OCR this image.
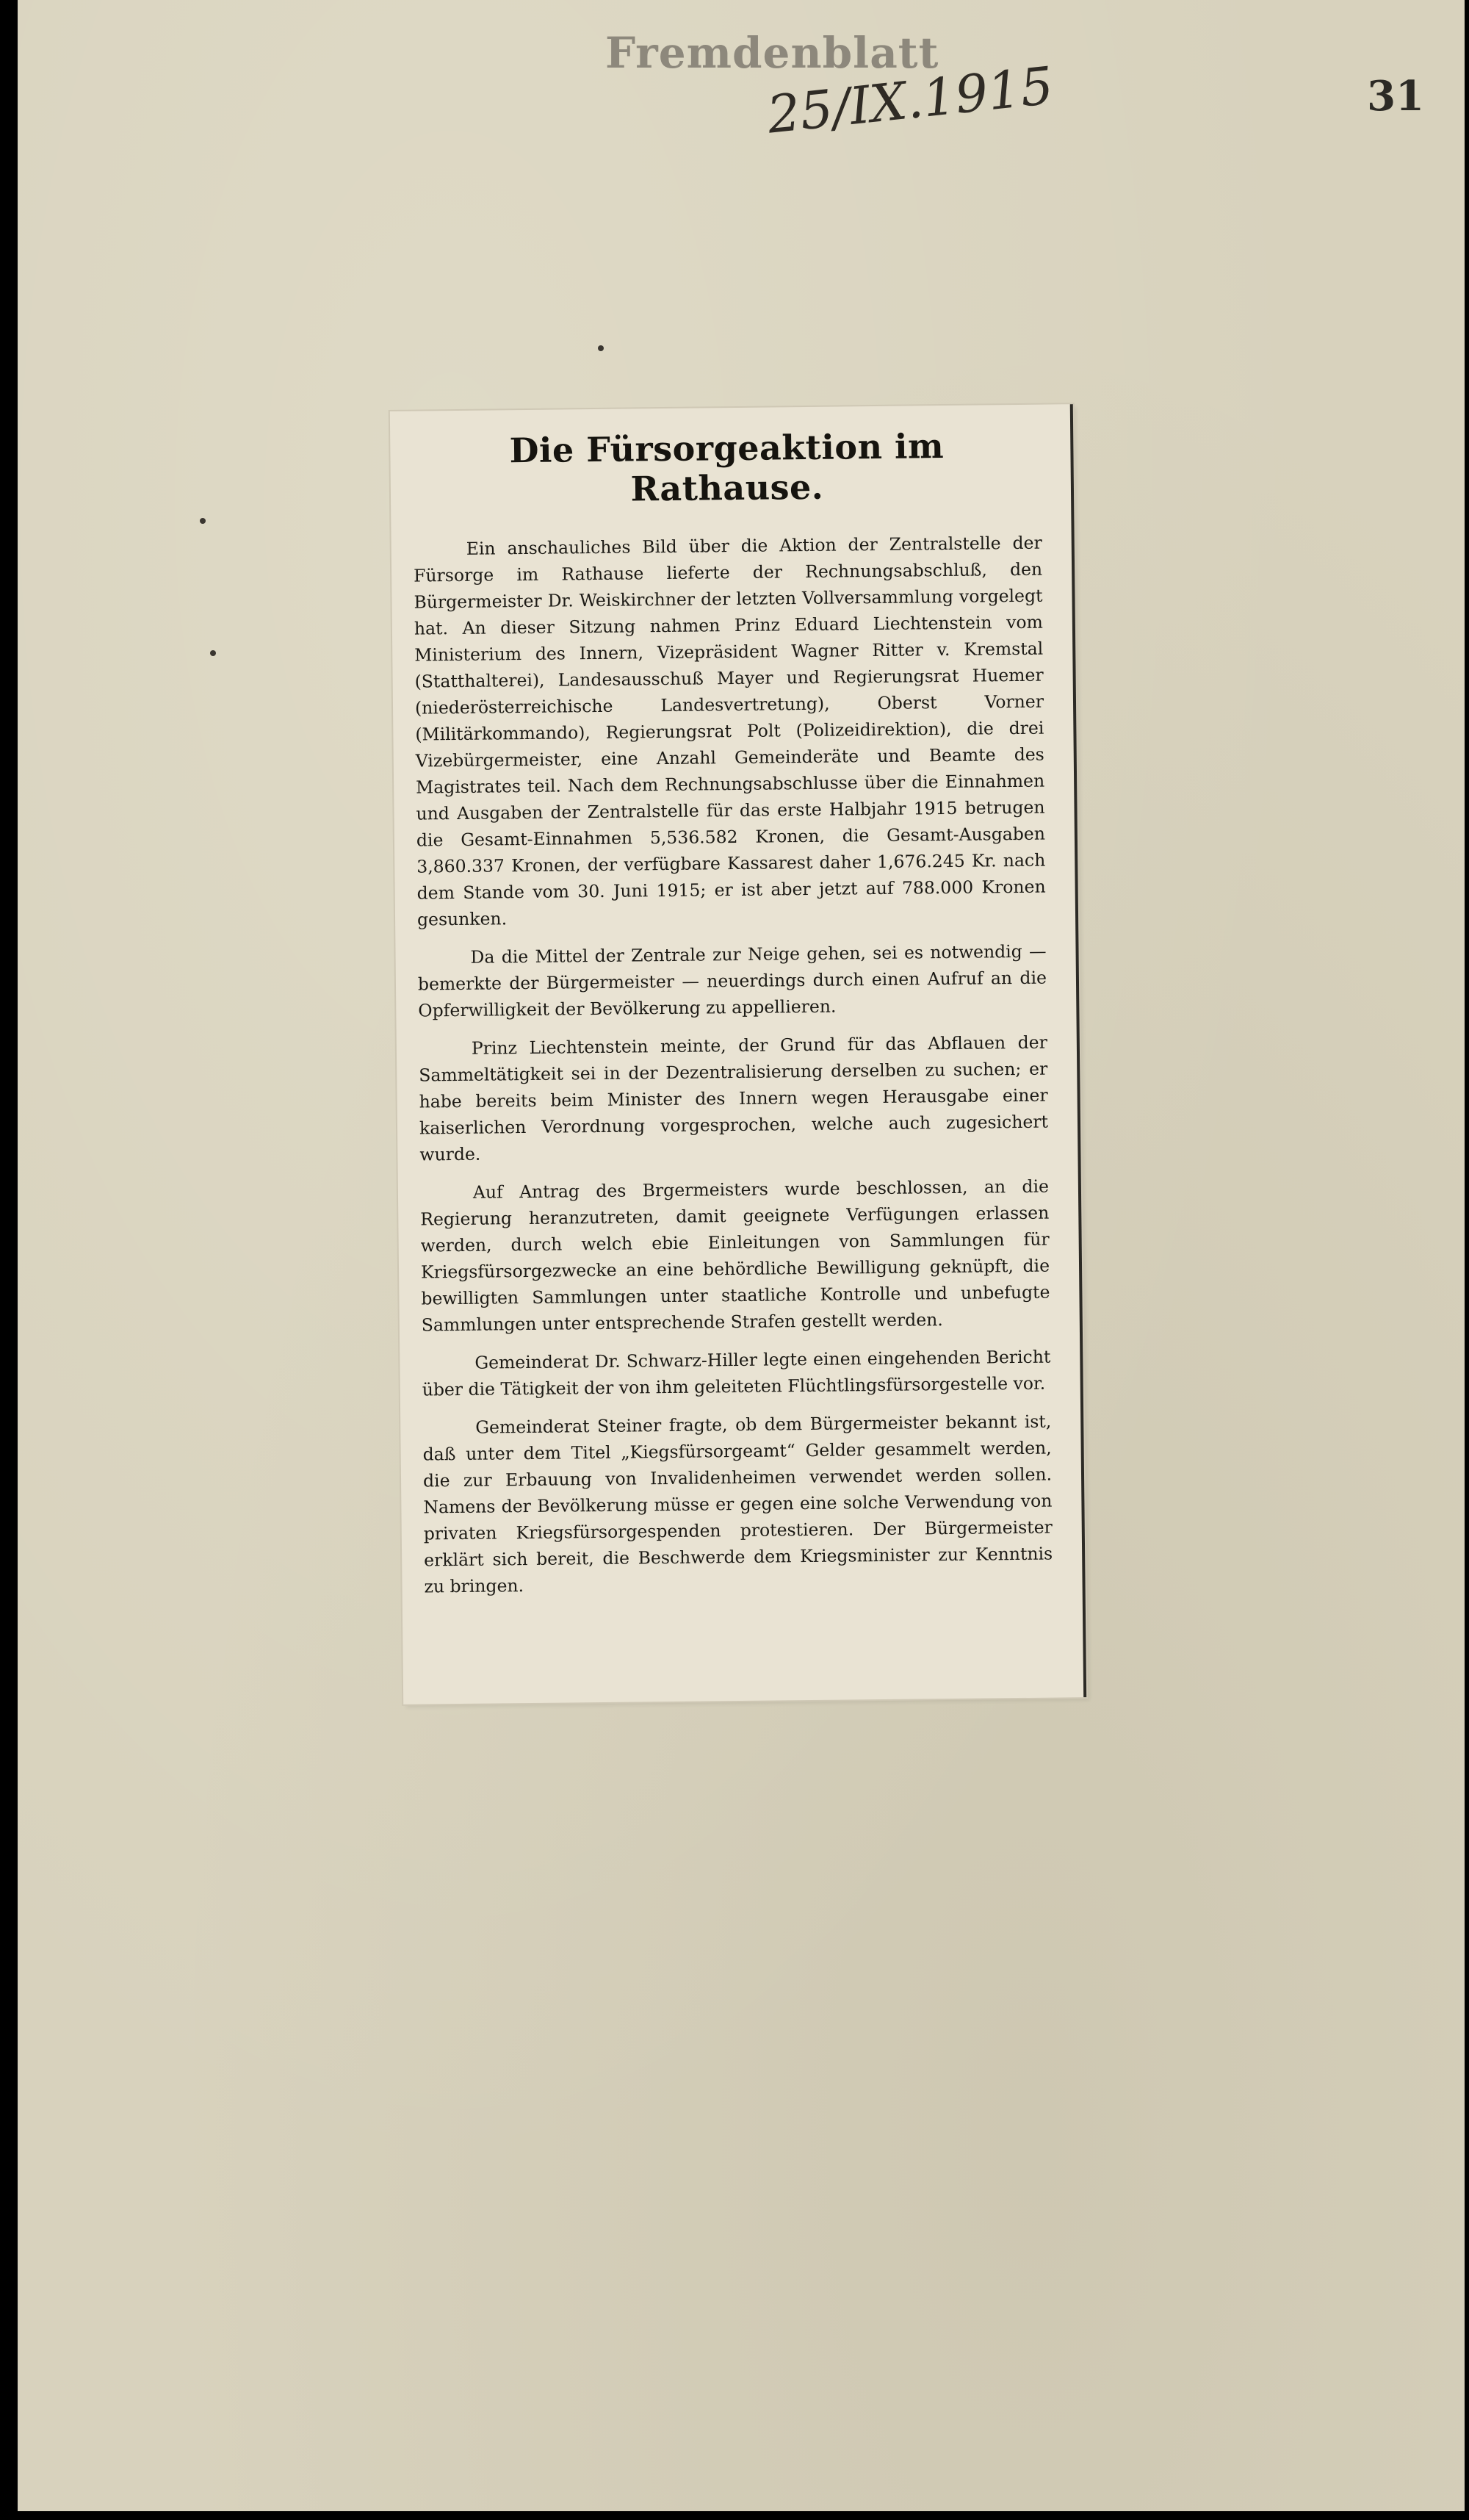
Fremdenblatt
25/IX.1915	31
Die Fürsorgeaktion im Rathause.

Ein anschauliches Bild über die Aktion der Zentralstelle der Fürsorge im Rathause lieferte der Rechnungsabschluß, den Bürgermeister Dr. Weiskirchner der letzten Vollversammlung vorgelegt hat. An dieser Sitzung nahmen Prinz Eduard Liechtenstein vom Ministerium des Innern, Vizepräsident Wagner Ritter v. Kremstal (Statthalterei), Landesausschuß Mayer und Regierungsrat Huemer (niederösterreichische Landesvertretung), Oberst Vorner (Militärkommando), Regierungsrat Polt (Polizeidirektion), die drei Vizebürgermeister, eine Anzahl Gemeinderäte und Beamte des Magistrates teil. Nach dem Rechnungsabschlusse über die Einnahmen und Ausgaben der Zentralstelle für das erste Halbjahr 1915 betrugen die Gesamt-Einnahmen 5,536.582 Kronen, die Gesamt-Ausgaben 3,860.337 Kronen, der verfügbare Kassarest daher 1,676.245 Kr. nach dem Stande vom 30. Juni 1915; er ist aber jetzt auf 788.000 Kronen gesunken.

Da die Mittel der Zentrale zur Neige gehen, sei es notwendig — bemerkte der Bürgermeister — neuerdings durch einen Aufruf an die Opferwilligkeit der Bevölkerung zu appellieren.

Prinz Liechtenstein meinte, der Grund für das Abflauen der Sammeltätigkeit sei in der Dezentralisierung derselben zu suchen; er habe bereits beim Minister des Innern wegen Herausgabe einer kaiserlichen Verordnung vorgesprochen, welche auch zugesichert wurde.

Auf Antrag des Brgermeisters wurde beschlossen, an die Regierung heranzutreten, damit geeignete Verfügungen erlassen werden, durch welch ebie Einleitungen von Sammlungen für Kriegsfürsorgezwecke an eine behördliche Bewilligung geknüpft, die bewilligten Sammlungen unter staatliche Kontrolle und unbefugte Sammlungen unter entsprechende Strafen gestellt werden.

Gemeinderat Dr. Schwarz-Hiller legte einen eingehenden Bericht über die Tätigkeit der von ihm geleiteten Flüchtlingsfürsorgestelle vor.

Gemeinderat Steiner fragte, ob dem Bürgermeister bekannt ist, daß unter dem Titel „Kiegsfürsorgeamt“ Gelder gesammelt werden, die zur Erbauung von Invalidenheimen verwendet werden sollen. Namens der Bevölkerung müsse er gegen eine solche Verwendung von privaten Kriegsfürsorgespenden protestieren. Der Bürgermeister erklärt sich bereit, die Beschwerde dem Kriegsminister zur Kenntnis zu bringen.
